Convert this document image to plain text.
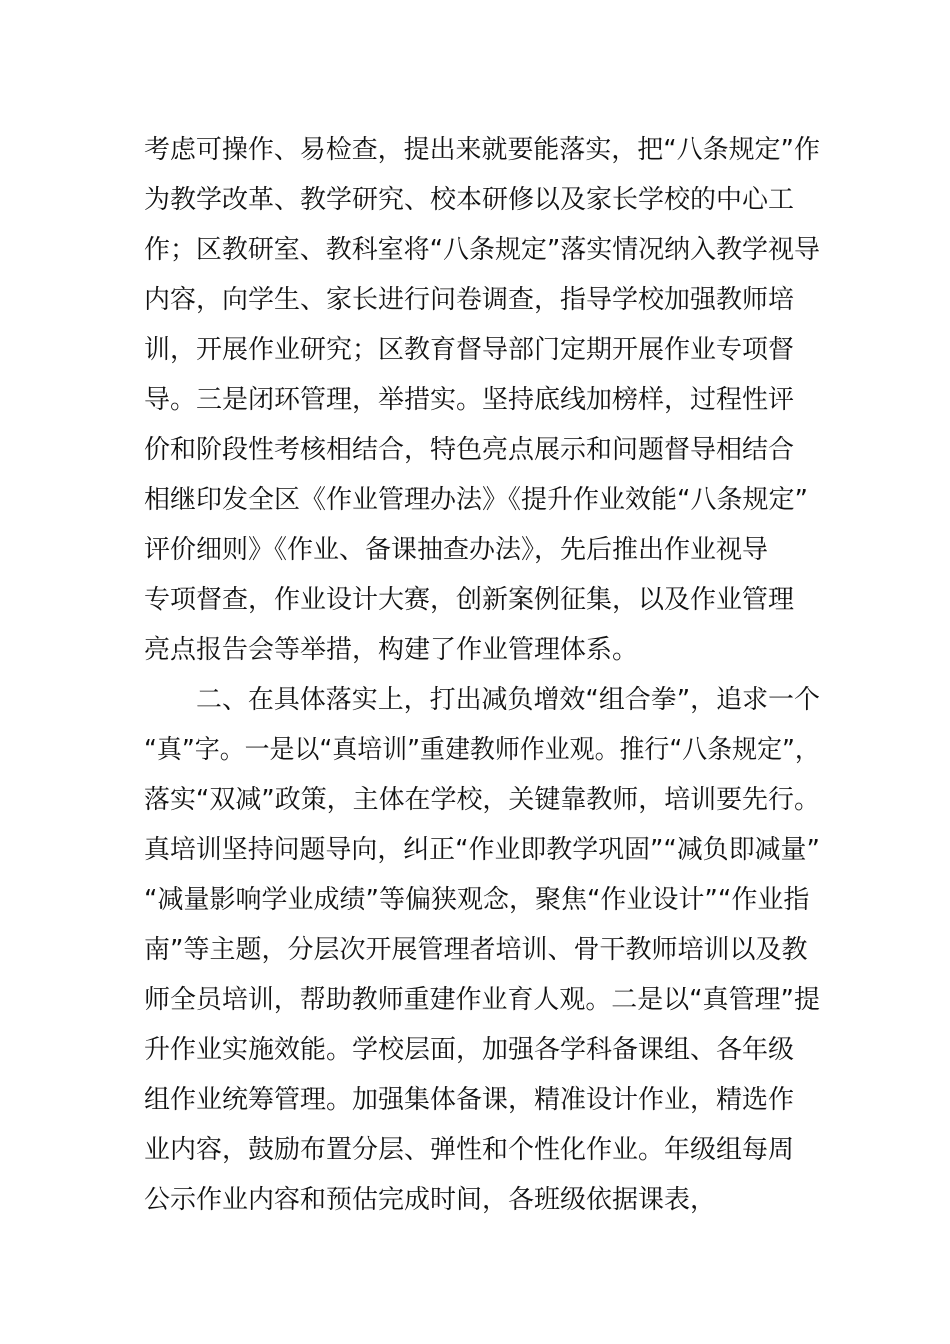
考虑可操作、易检查，提出来就要能落实，把“八条规定”作
为教学改革、教学研究、校本研修以及家长学校的中心工
作；区教研室、教科室将“八条规定”落实情况纳入教学视导
内容，向学生、家长进行问卷调查，指导学校加强教师培
训，开展作业研究；区教育督导部门定期开展作业专项督
导。三是闭环管理，举措实。坚持底线加榜样，过程性评
价和阶段性考核相结合，特色亮点展示和问题督导相结合
相继印发全区《作业管理办法》《提升作业效能“八条规定”
评价细则》《作业、备课抽查办法》，先后推出作业视导
专项督查，作业设计大赛，创新案例征集，以及作业管理
亮点报告会等举措，构建了作业管理体系。
二、在具体落实上，打出减负增效“组合拳”，追求一个
“真”字。一是以“真培训”重建教师作业观。推行“八条规定”，
落实“双减”政策，主体在学校，关键靠教师，培训要先行。
真培训坚持问题导向，纠正“作业即教学巩固”“减负即减量”
“减量影响学业成绩”等偏狭观念，聚焦“作业设计”“作业指
南”等主题，分层次开展管理者培训、骨干教师培训以及教
师全员培训，帮助教师重建作业育人观。二是以“真管理”提
升作业实施效能。学校层面，加强各学科备课组、各年级
组作业统筹管理。加强集体备课，精准设计作业，精选作
业内容，鼓励布置分层、弹性和个性化作业。年级组每周
公示作业内容和预估完成时间，各班级依据课表，
